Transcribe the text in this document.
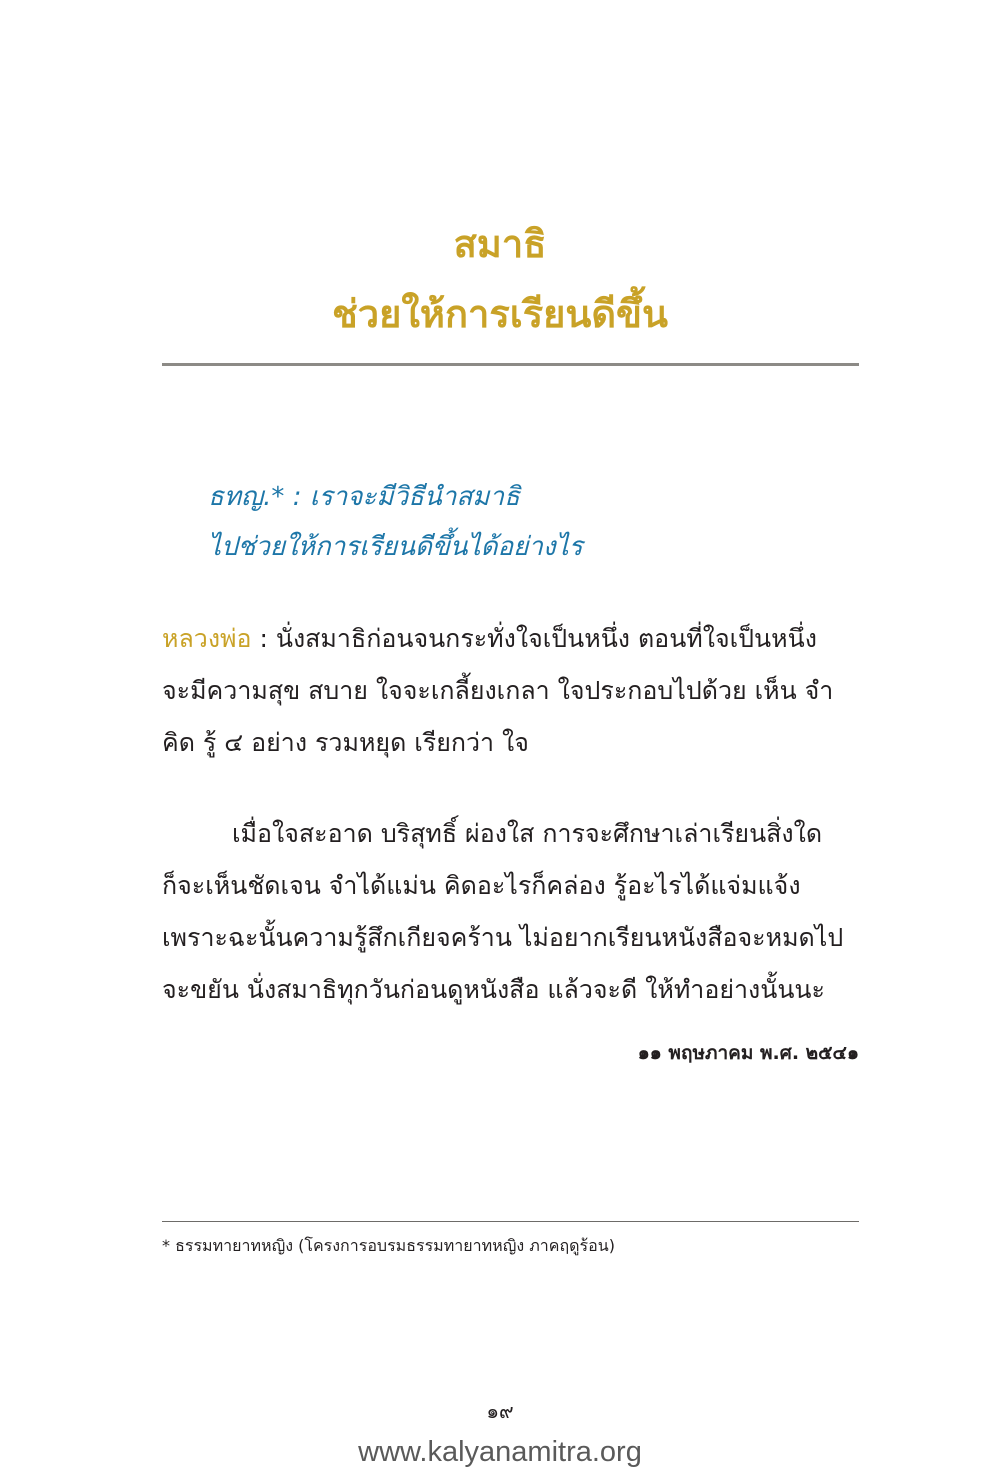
สมาธิ
ช่วยให้การเรียนดีขึ้น

ธทญ.* : เราจะมีวิธีนำสมาธิ

ไปช่วยให้การเรียนดีขึ้นได้อย่างไร

หลวงพ่อ : นั่งสมาธิก่อนจนกระทั่งใจเป็นหนึ่ง ตอนที่ใจเป็นหนึ่ง

จะมีความสุข สบาย ใจจะเกลี้ยงเกลา ใจประกอบไปด้วย เห็น จำ

คิด รู้ ๔ อย่าง รวมหยุด เรียกว่า ใจ

เมื่อใจสะอาด บริสุทธิ์ ผ่องใส การจะศึกษาเล่าเรียนสิ่งใด

ก็จะเห็นชัดเจน จำได้แม่น คิดอะไรก็คล่อง รู้อะไรได้แจ่มแจ้ง

เพราะฉะนั้นความรู้สึกเกียจคร้าน ไม่อยากเรียนหนังสือจะหมดไป

จะขยัน นั่งสมาธิทุกวันก่อนดูหนังสือ แล้วจะดี ให้ทำอย่างนั้นนะ

๑๑ พฤษภาคม พ.ศ. ๒๕๔๑

* ธรรมทายาทหญิง (โครงการอบรมธรรมทายาทหญิง ภาคฤดูร้อน)

๑๙

www.kalyanamitra.org
